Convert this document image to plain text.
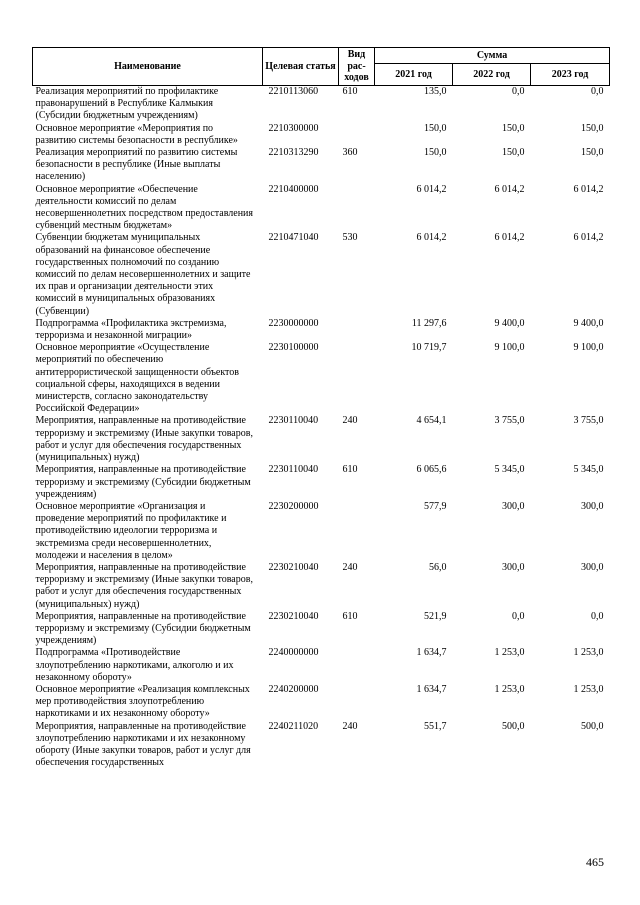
Наименование	Целевая статья	Вид рас-ходов	Сумма		
			2021 год	2022 год	2023 год
Реализация мероприятий по профилактике правонарушений в Республике Калмыкия (Субсидии бюджетным учреждениям)	2210113060	610	135,0	0,0	0,0
Основное мероприятие «Мероприятия по развитию системы безопасности в республике»	2210300000		150,0	150,0	150,0
Реализация мероприятий по развитию системы безопасности в республике (Иные выплаты населению)	2210313290	360	150,0	150,0	150,0
Основное мероприятие «Обеспечение деятельности комиссий по делам несовершеннолетних посредством предоставления субвенций местным бюджетам»	2210400000		6 014,2	6 014,2	6 014,2
Субвенции бюджетам муниципальных образований на финансовое обеспечение государственных полномочий по созданию комиссий по делам несовершеннолетних и защите их прав и организации деятельности этих комиссий в муниципальных образованиях (Субвенции)	2210471040	530	6 014,2	6 014,2	6 014,2
Подпрограмма «Профилактика экстремизма, терроризма и незаконной миграции»	2230000000		11 297,6	9 400,0	9 400,0
Основное мероприятие «Осуществление мероприятий по обеспечению антитеррористической защищенности объектов социальной сферы, находящихся в ведении министерств, согласно законодательству Российской Федерации»	2230100000		10 719,7	9 100,0	9 100,0
Мероприятия, направленные на противодействие терроризму и экстремизму (Иные закупки товаров, работ и услуг для обеспечения государственных (муниципальных) нужд)	2230110040	240	4 654,1	3 755,0	3 755,0
Мероприятия, направленные на противодействие терроризму и экстремизму (Субсидии бюджетным учреждениям)	2230110040	610	6 065,6	5 345,0	5 345,0
Основное мероприятие «Организация и проведение мероприятий по профилактике и противодействию идеологии терроризма и экстремизма среди несовершеннолетних, молодежи и населения в целом»	2230200000		577,9	300,0	300,0
Мероприятия, направленные на противодействие терроризму и экстремизму (Иные закупки товаров, работ и услуг для обеспечения государственных (муниципальных) нужд)	2230210040	240	56,0	300,0	300,0
Мероприятия, направленные на противодействие терроризму и экстремизму (Субсидии бюджетным учреждениям)	2230210040	610	521,9	0,0	0,0
Подпрограмма «Противодействие злоупотреблению наркотиками, алкоголю и их незаконному обороту»	2240000000		1 634,7	1 253,0	1 253,0
Основное мероприятие «Реализация комплексных мер противодействия злоупотреблению наркотиками и их незаконному обороту»	2240200000		1 634,7	1 253,0	1 253,0
Мероприятия, направленные на противодействие злоупотреблению наркотиками и их незаконному обороту (Иные закупки товаров, работ и услуг для обеспечения государственных	2240211020	240	551,7	500,0	500,0
465
